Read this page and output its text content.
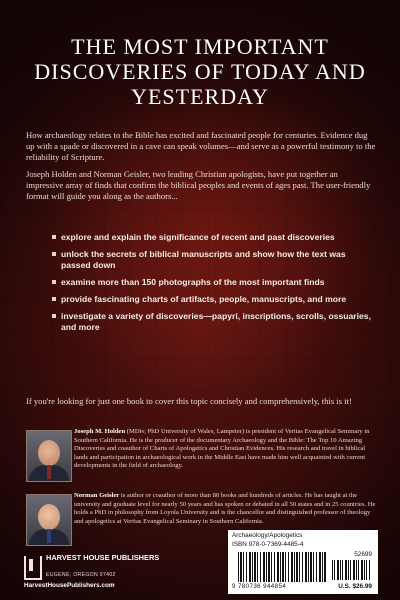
THE MOST IMPORTANT DISCOVERIES OF TODAY AND YESTERDAY

How archaeology relates to the Bible has excited and fascinated people for centuries. Evidence dug up with a spade or discovered in a cave can speak volumes—and serve as a powerful testimony to the reliability of Scripture.

Joseph Holden and Norman Geisler, two leading Christian apologists, have put together an impressive array of finds that confirm the biblical peoples and events of ages past. The user-friendly format will guide you along as the authors...

explore and explain the significance of recent and past discoveries
unlock the secrets of biblical manuscripts and show how the text was passed down
examine more than 150 photographs of the most important finds
provide fascinating charts of artifacts, people, manuscripts, and more
investigate a variety of discoveries—papyri, inscriptions, scrolls, ossuaries, and more

If you're looking for just one book to cover this topic concisely and comprehensively, this is it!

Joseph M. Holden (MDiv, PhD University of Wales, Lampeter) is president of Veritas Evangelical Seminary in Southern California. He is the producer of the documentary Archaeology and the Bible: The Top 10 Amazing Discoveries and coauthor of Charts of Apologetics and Christian Evidences. His research and travel in biblical lands and participation in archaeological work in the Middle East have made him well acquainted with current developments in the field of archaeology.

Norman Geisler is author or coauthor of more than 80 books and hundreds of articles. He has taught at the university and graduate level for nearly 50 years and has spoken or debated in all 50 states and in 25 countries. He holds a PhD in philosophy from Loyola University and is the chancellor and distinguished professor of theology and apologetics at Veritas Evangelical Seminary in Southern California.

HARVEST HOUSE PUBLISHERS
EUGENE, OREGON 97402
HarvestHousePublishers.com
Archaeology/Apologetics
ISBN 978-0-7369-4485-4
52699
9 780736 944854	U.S. $26.99
